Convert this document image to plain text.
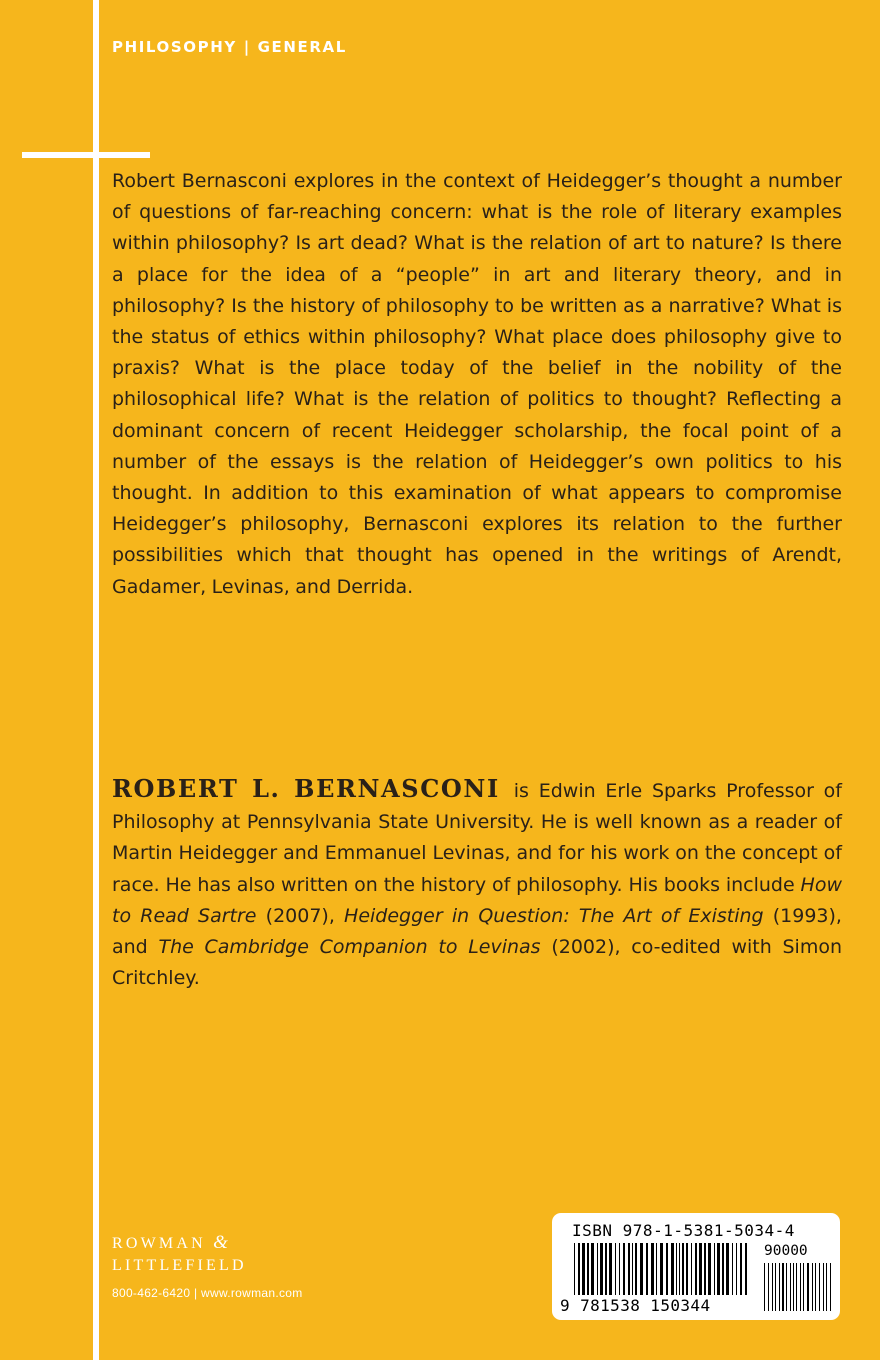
PHILOSOPHY | GENERAL

Robert Bernasconi explores in the context of Heidegger’s thought a number of questions of far-reaching concern: what is the role of literary examples within philosophy? Is art dead? What is the relation of art to nature? Is there a place for the idea of a “people” in art and literary theory, and in philosophy? Is the history of philosophy to be written as a narrative? What is the status of ethics within philosophy? What place does philosophy give to praxis? What is the place today of the belief in the nobility of the philosophical life? What is the relation of politics to thought? Reflecting a dominant concern of recent Heidegger scholarship, the focal point of a number of the essays is the relation of Heidegger’s own politics to his thought. In addition to this examination of what appears to compromise Heidegger’s philosophy, Bernasconi explores its relation to the further possibilities which that thought has opened in the writings of Arendt, Gadamer, Levinas, and Derrida.

ROBERT L. BERNASCONI is Edwin Erle Sparks Professor of Philosophy at Pennsylvania State University. He is well known as a reader of Martin Heidegger and Emmanuel Levinas, and for his work on the concept of race. He has also written on the history of philosophy. His books include How to Read Sartre (2007), Heidegger in Question: The Art of Existing (1993), and The Cambridge Companion to Levinas (2002), co-edited with Simon Critchley.

ROWMAN &
LITTLEFIELD
800-462-6420 | www.rowman.com
ISBN 978-1-5381-5034-4
90000
9 781538 150344
